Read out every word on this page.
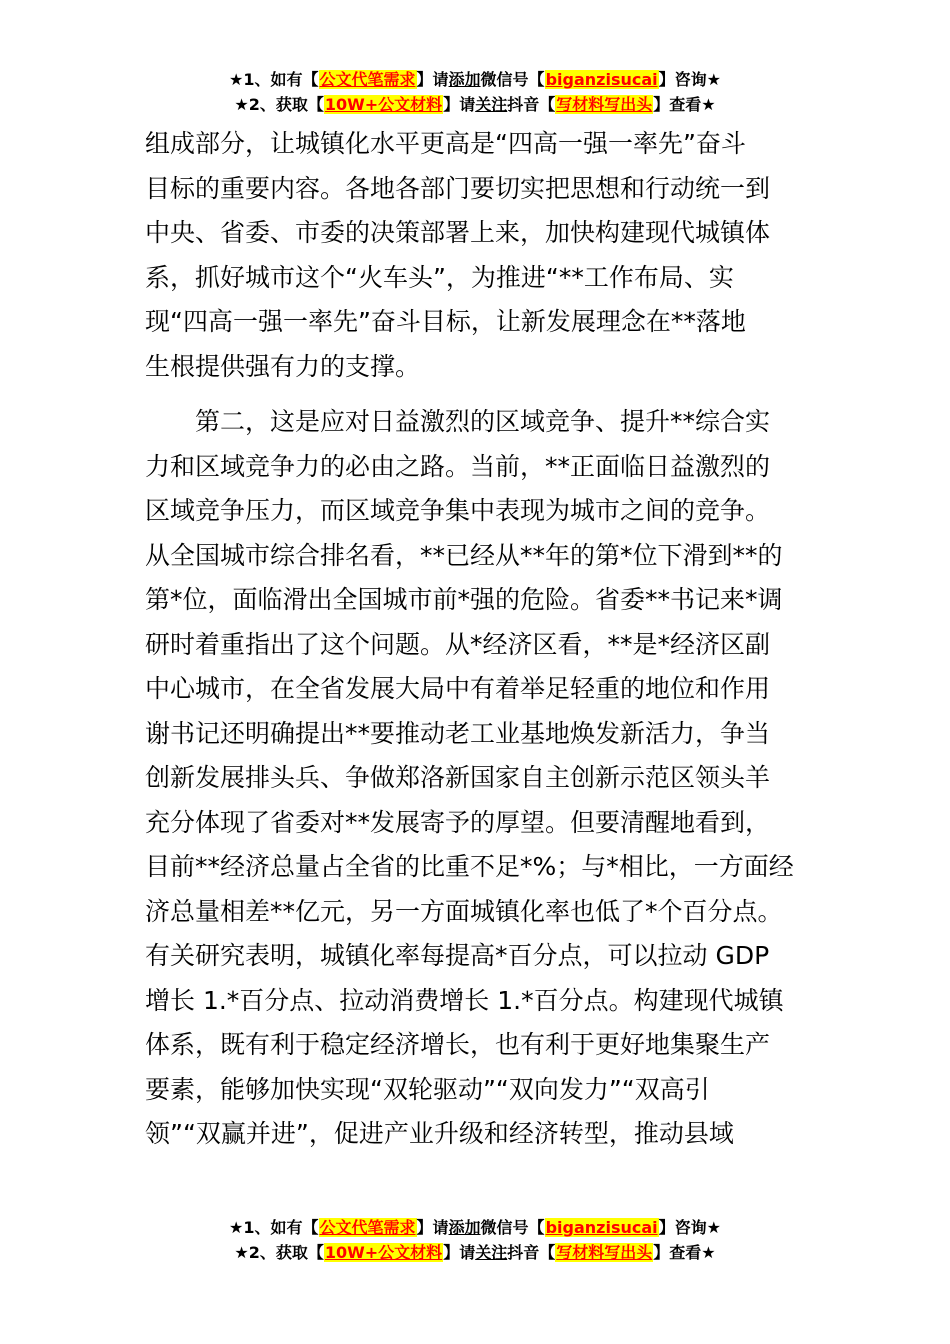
★1、如有【公文代笔需求】请添加微信号【biganzisucai】咨询★
★2、获取【10W+公文材料】请关注抖音【写材料写出头】查看★
组成部分，让城镇化水平更高是“四高一强一率先”奋斗
目标的重要内容。各地各部门要切实把思想和行动统一到
中央、省委、市委的决策部署上来，加快构建现代城镇体
系，抓好城市这个“火车头”，为推进“**工作布局、实
现“四高一强一率先”奋斗目标，让新发展理念在**落地
生根提供强有力的支撑。
第二，这是应对日益激烈的区域竞争、提升**综合实
力和区域竞争力的必由之路。当前，**正面临日益激烈的
区域竞争压力，而区域竞争集中表现为城市之间的竞争。
从全国城市综合排名看，**已经从**年的第*位下滑到**的
第*位，面临滑出全国城市前*强的危险。省委**书记来*调
研时着重指出了这个问题。从*经济区看，**是*经济区副
中心城市，在全省发展大局中有着举足轻重的地位和作用
谢书记还明确提出**要推动老工业基地焕发新活力，争当
创新发展排头兵、争做郑洛新国家自主创新示范区领头羊
充分体现了省委对**发展寄予的厚望。但要清醒地看到，
目前**经济总量占全省的比重不足*%；与*相比，一方面经
济总量相差**亿元，另一方面城镇化率也低了*个百分点。
有关研究表明，城镇化率每提高*百分点，可以拉动 GDP
增长 1.*百分点、拉动消费增长 1.*百分点。构建现代城镇
体系，既有利于稳定经济增长，也有利于更好地集聚生产
要素，能够加快实现“双轮驱动”“双向发力”“双高引
领”“双赢并进”，促进产业升级和经济转型，推动县域
★1、如有【公文代笔需求】请添加微信号【biganzisucai】咨询★
★2、获取【10W+公文材料】请关注抖音【写材料写出头】查看★
